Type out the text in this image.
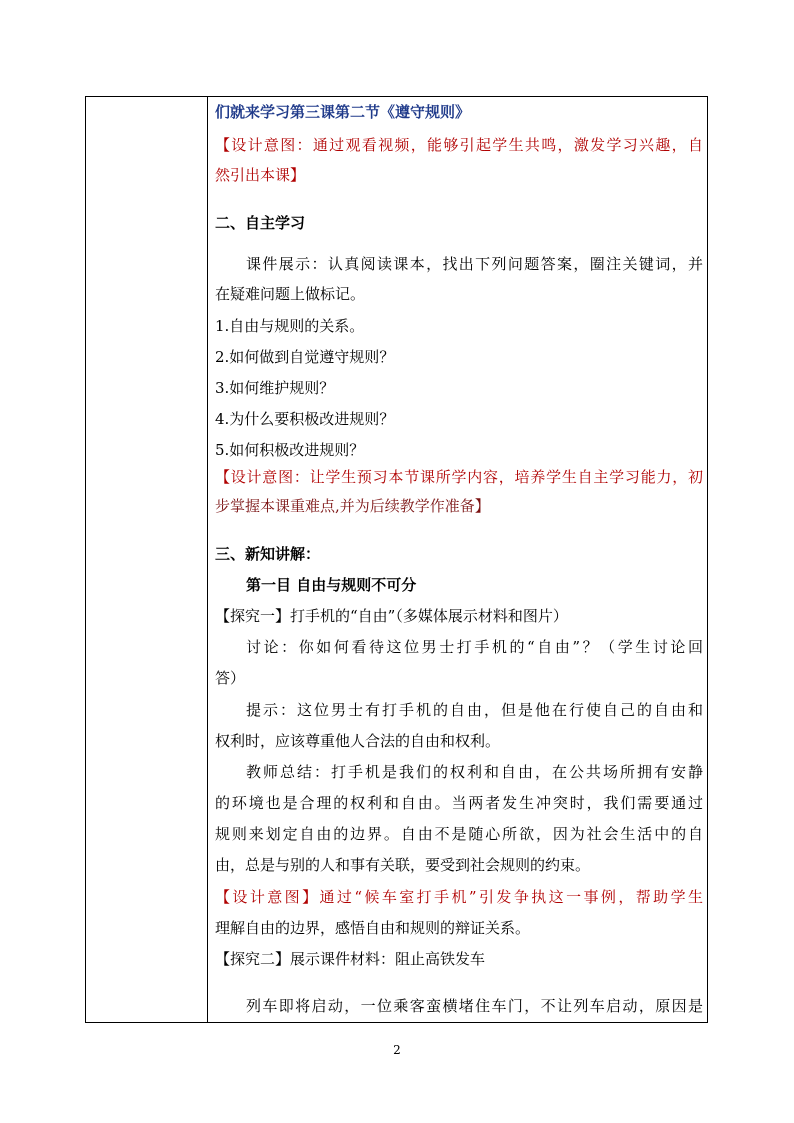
们就来学习第三课第二节《遵守规则》
【设计意图：通过观看视频，能够引起学生共鸣，激发学习兴趣，自
然引出本课】
二、自主学习
课件展示：认真阅读课本，找出下列问题答案，圈注关键词，并
在疑难问题上做标记。
1.自由与规则的关系。
2.如何做到自觉遵守规则？
3.如何维护规则？
4.为什么要积极改进规则？
5.如何积极改进规则？
【设计意图：让学生预习本节课所学内容，培养学生自主学习能力，初
步掌握本课重难点,并为后续教学作准备】
三、新知讲解：
第一目 自由与规则不可分
【探究一】打手机的“自由”（多媒体展示材料和图片）
讨论：你如何看待这位男士打手机的“自由”？（学生讨论回
答）
提示：这位男士有打手机的自由，但是他在行使自己的自由和
权利时，应该尊重他人合法的自由和权利。
教师总结：打手机是我们的权利和自由，在公共场所拥有安静
的环境也是合理的权利和自由。当两者发生冲突时，我们需要通过
规则来划定自由的边界。自由不是随心所欲，因为社会生活中的自
由，总是与别的人和事有关联，要受到社会规则的约束。
【设计意图】通过“候车室打手机”引发争执这一事例，帮助学生
理解自由的边界，感悟自由和规则的辩证关系。
【探究二】展示课件材料：阻止高铁发车
列车即将启动，一位乘客蛮横堵住车门，不让列车启动，原因是
2
